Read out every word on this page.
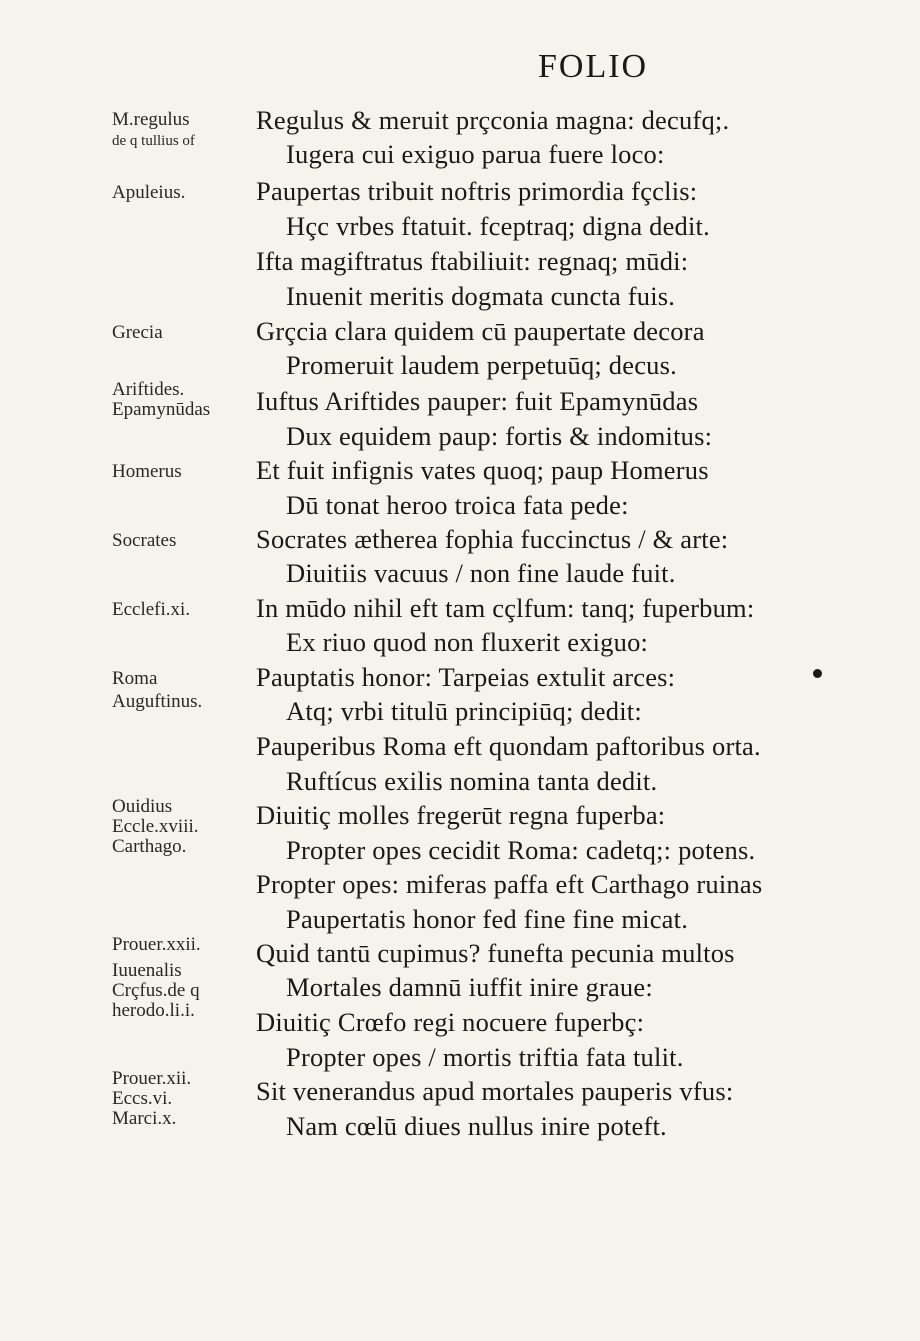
FOLIO
Regulus & meruit prçconia magna: decufq;.
Iugera cui exiguo parua fuere loco:
Paupertas tribuit noftris primordia fçclis:
Hçc vrbes ftatuit. fceptraq; digna dedit.
Ifta magiftratus ftabiliuit: regnaq; mūdi:
Inuenit meritis dogmata cuncta fuis.
Grçcia clara quidem cū paupertate decora
Promeruit laudem perpetuūq; decus.
Iuftus Ariftides pauper: fuit Epamynūdas
Dux equidem paup: fortis & indomitus:
Et fuit infignis vates quoq; paup Homerus
Dū tonat heroo troica fata pede:
Socrates ætherea fophia fuccinctus / & arte:
Diuitiis vacuus / non fine laude fuit.
In mūdo nihil eft tam cçlfum: tanq; fuperbum:
Ex riuo quod non fluxerit exiguo:
Pauptatis honor: Tarpeias extulit arces:
Atq; vrbi titulū principiūq; dedit:
Pauperibus Roma eft quondam paftoribus orta.
Ruftícus exilis nomina tanta dedit.
Diuitiç molles fregerūt regna fuperba:
Propter opes cecidit Roma: cadetq;: potens.
Propter opes: miferas paffa eft Carthago ruinas
Paupertatis honor fed fine fine micat.
Quid tantū cupimus? funefta pecunia multos
Mortales damnū iuffit inire graue:
Diuitiç Crœfo regi nocuere fuperbç:
Propter opes / mortis triftia fata tulit.
Sit venerandus apud mortales pauperis vfus:
Nam cœlū diues nullus inire poteft.
M.regulus
de q tullius of
Apuleius.
Grecia
Ariftides.
Epamynūdas
Homerus
Socrates
Ecclefi.xi.
Roma
Auguftinus.
Ouidius
Eccle.xviii.
Carthago.
Prouer.xxii.
Iuuenalis
Crçfus.de q
herodo.li.i.
Prouer.xii.
Eccs.vi.
Marci.x.
